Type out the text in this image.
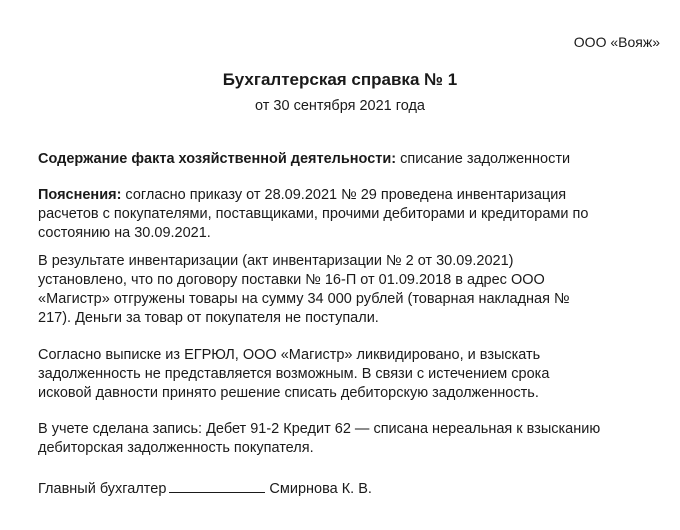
ООО «Вояж»
Бухгалтерская справка № 1
от 30 сентября 2021 года
Содержание факта хозяйственной деятельности: списание задолженности
Пояснения: согласно приказу от 28.09.2021 № 29 проведена инвентаризация
расчетов с покупателями, поставщиками, прочими дебиторами и кредиторами по
состоянию на 30.09.2021.
В результате инвентаризации (акт инвентаризации № 2 от 30.09.2021)
установлено, что по договору поставки № 16-П от 01.09.2018 в адрес ООО
«Магистр» отгружены товары на сумму 34 000 рублей (товарная накладная №
217). Деньги за товар от покупателя не поступали.
Согласно выписке из ЕГРЮЛ, ООО «Магистр» ликвидировано, и взыскать
задолженность не представляется возможным. В связи с истечением срока
исковой давности принято решение списать дебиторскую задолженность.
В учете сделана запись: Дебет 91-2 Кредит 62 — списана нереальная к взысканию
дебиторская задолженность покупателя.
Главный бухгалтер	Смирнова К. В.
